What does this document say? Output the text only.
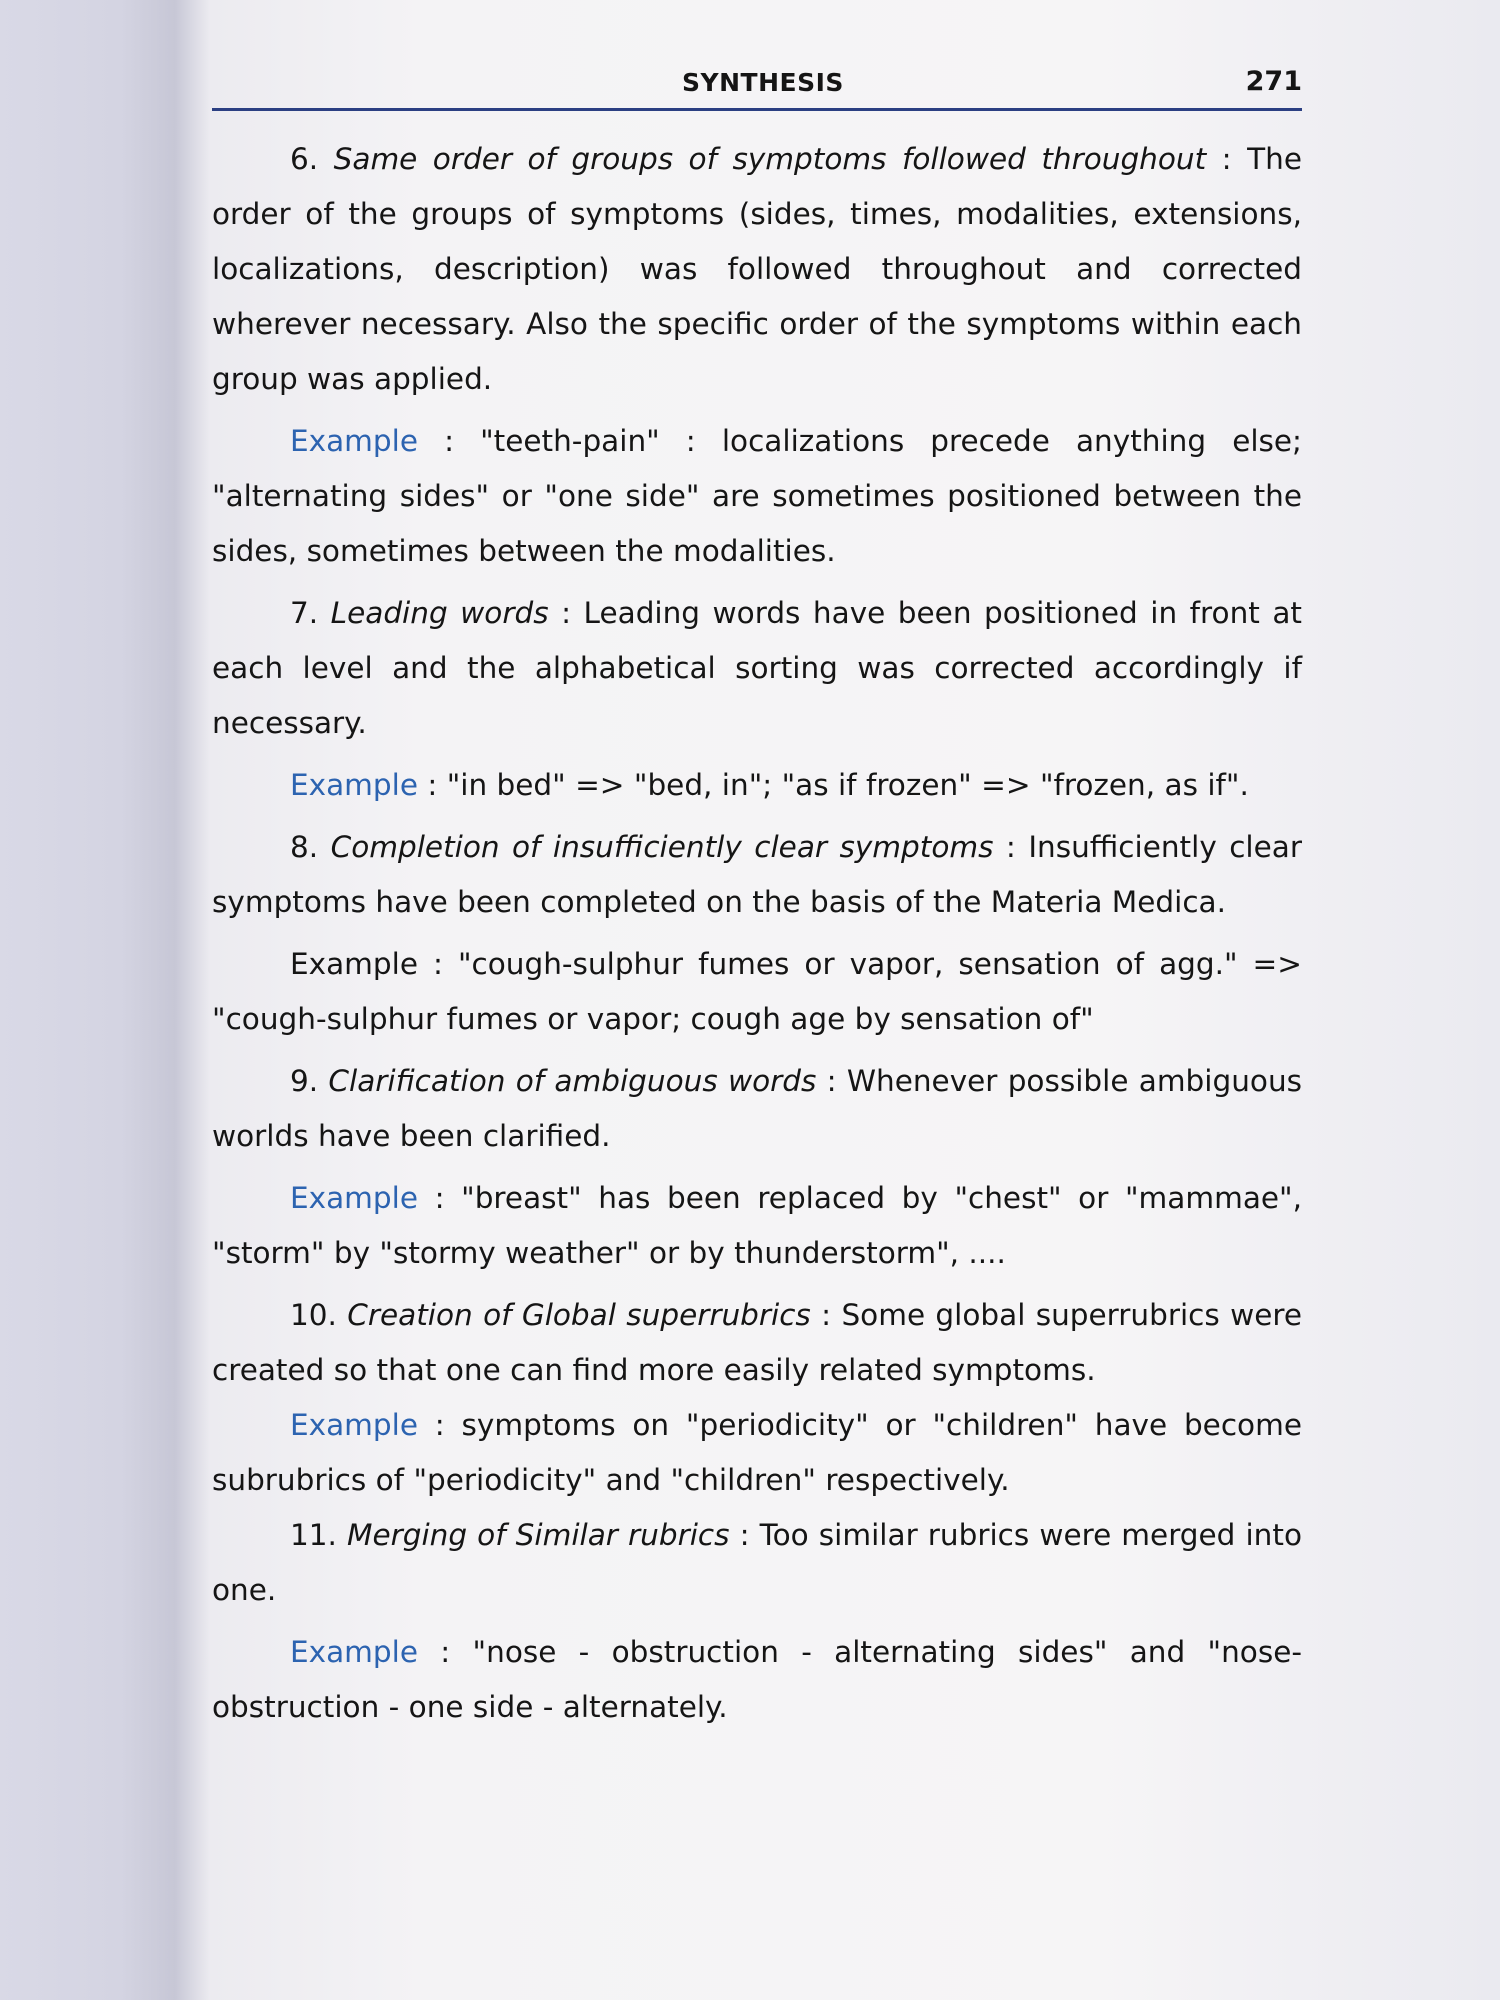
SYNTHESIS	271

6. Same order of groups of symptoms followed throughout : The order of the groups of symptoms (sides, times, modalities, extensions, localizations, description) was followed throughout and corrected wherever necessary. Also the specific order of the symptoms within each group was applied.

Example : "teeth-pain" : localizations precede anything else; "alternating sides" or "one side" are sometimes positioned between the sides, sometimes between the modalities.

7. Leading words : Leading words have been positioned in front at each level and the alphabetical sorting was corrected accordingly if necessary.

Example : "in bed" => "bed, in"; "as if frozen" => "frozen, as if".

8. Completion of insufficiently clear symptoms : Insufficiently clear symptoms have been completed on the basis of the Materia Medica.

Example : "cough-sulphur fumes or vapor, sensation of agg." => "cough-sulphur fumes or vapor; cough age by sensation of"

9. Clarification of ambiguous words : Whenever possible ambiguous worlds have been clarified.

Example : "breast" has been replaced by "chest" or "mammae", "storm" by "stormy weather" or by thunderstorm", ....

10. Creation of Global superrubrics : Some global superrubrics were created so that one can find more easily related symptoms.

Example : symptoms on "periodicity" or "children" have become subrubrics of "periodicity" and "children" respectively.

11. Merging of Similar rubrics : Too similar rubrics were merged into one.

Example : "nose - obstruction - alternating sides" and "nose-obstruction - one side - alternately.
